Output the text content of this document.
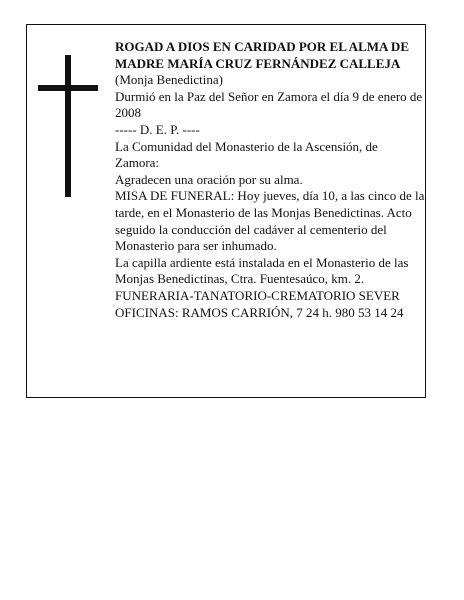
ROGAD A DIOS EN CARIDAD POR EL ALMA DE
MADRE MARÍA CRUZ FERNÁNDEZ CALLEJA
(Monja Benedictina)
Durmió en la Paz del Señor en Zamora el día 9 de enero de 2008
----- D. E. P. ----
La Comunidad del Monasterio de la Ascensión, de Zamora:
Agradecen una oración por su alma.
MISA DE FUNERAL: Hoy jueves, día 10, a las cinco de la tarde, en el Monasterio de las Monjas Benedictinas. Acto seguido la conducción del cadáver al cementerio del Monasterio para ser inhumado.
La capilla ardiente está instalada en el Monasterio de las Monjas Benedictinas, Ctra. Fuentesaúco, km. 2.
FUNERARIA-TANATORIO-CREMATORIO SEVER
OFICINAS: RAMOS CARRIÓN, 7 24 h. 980 53 14 24
